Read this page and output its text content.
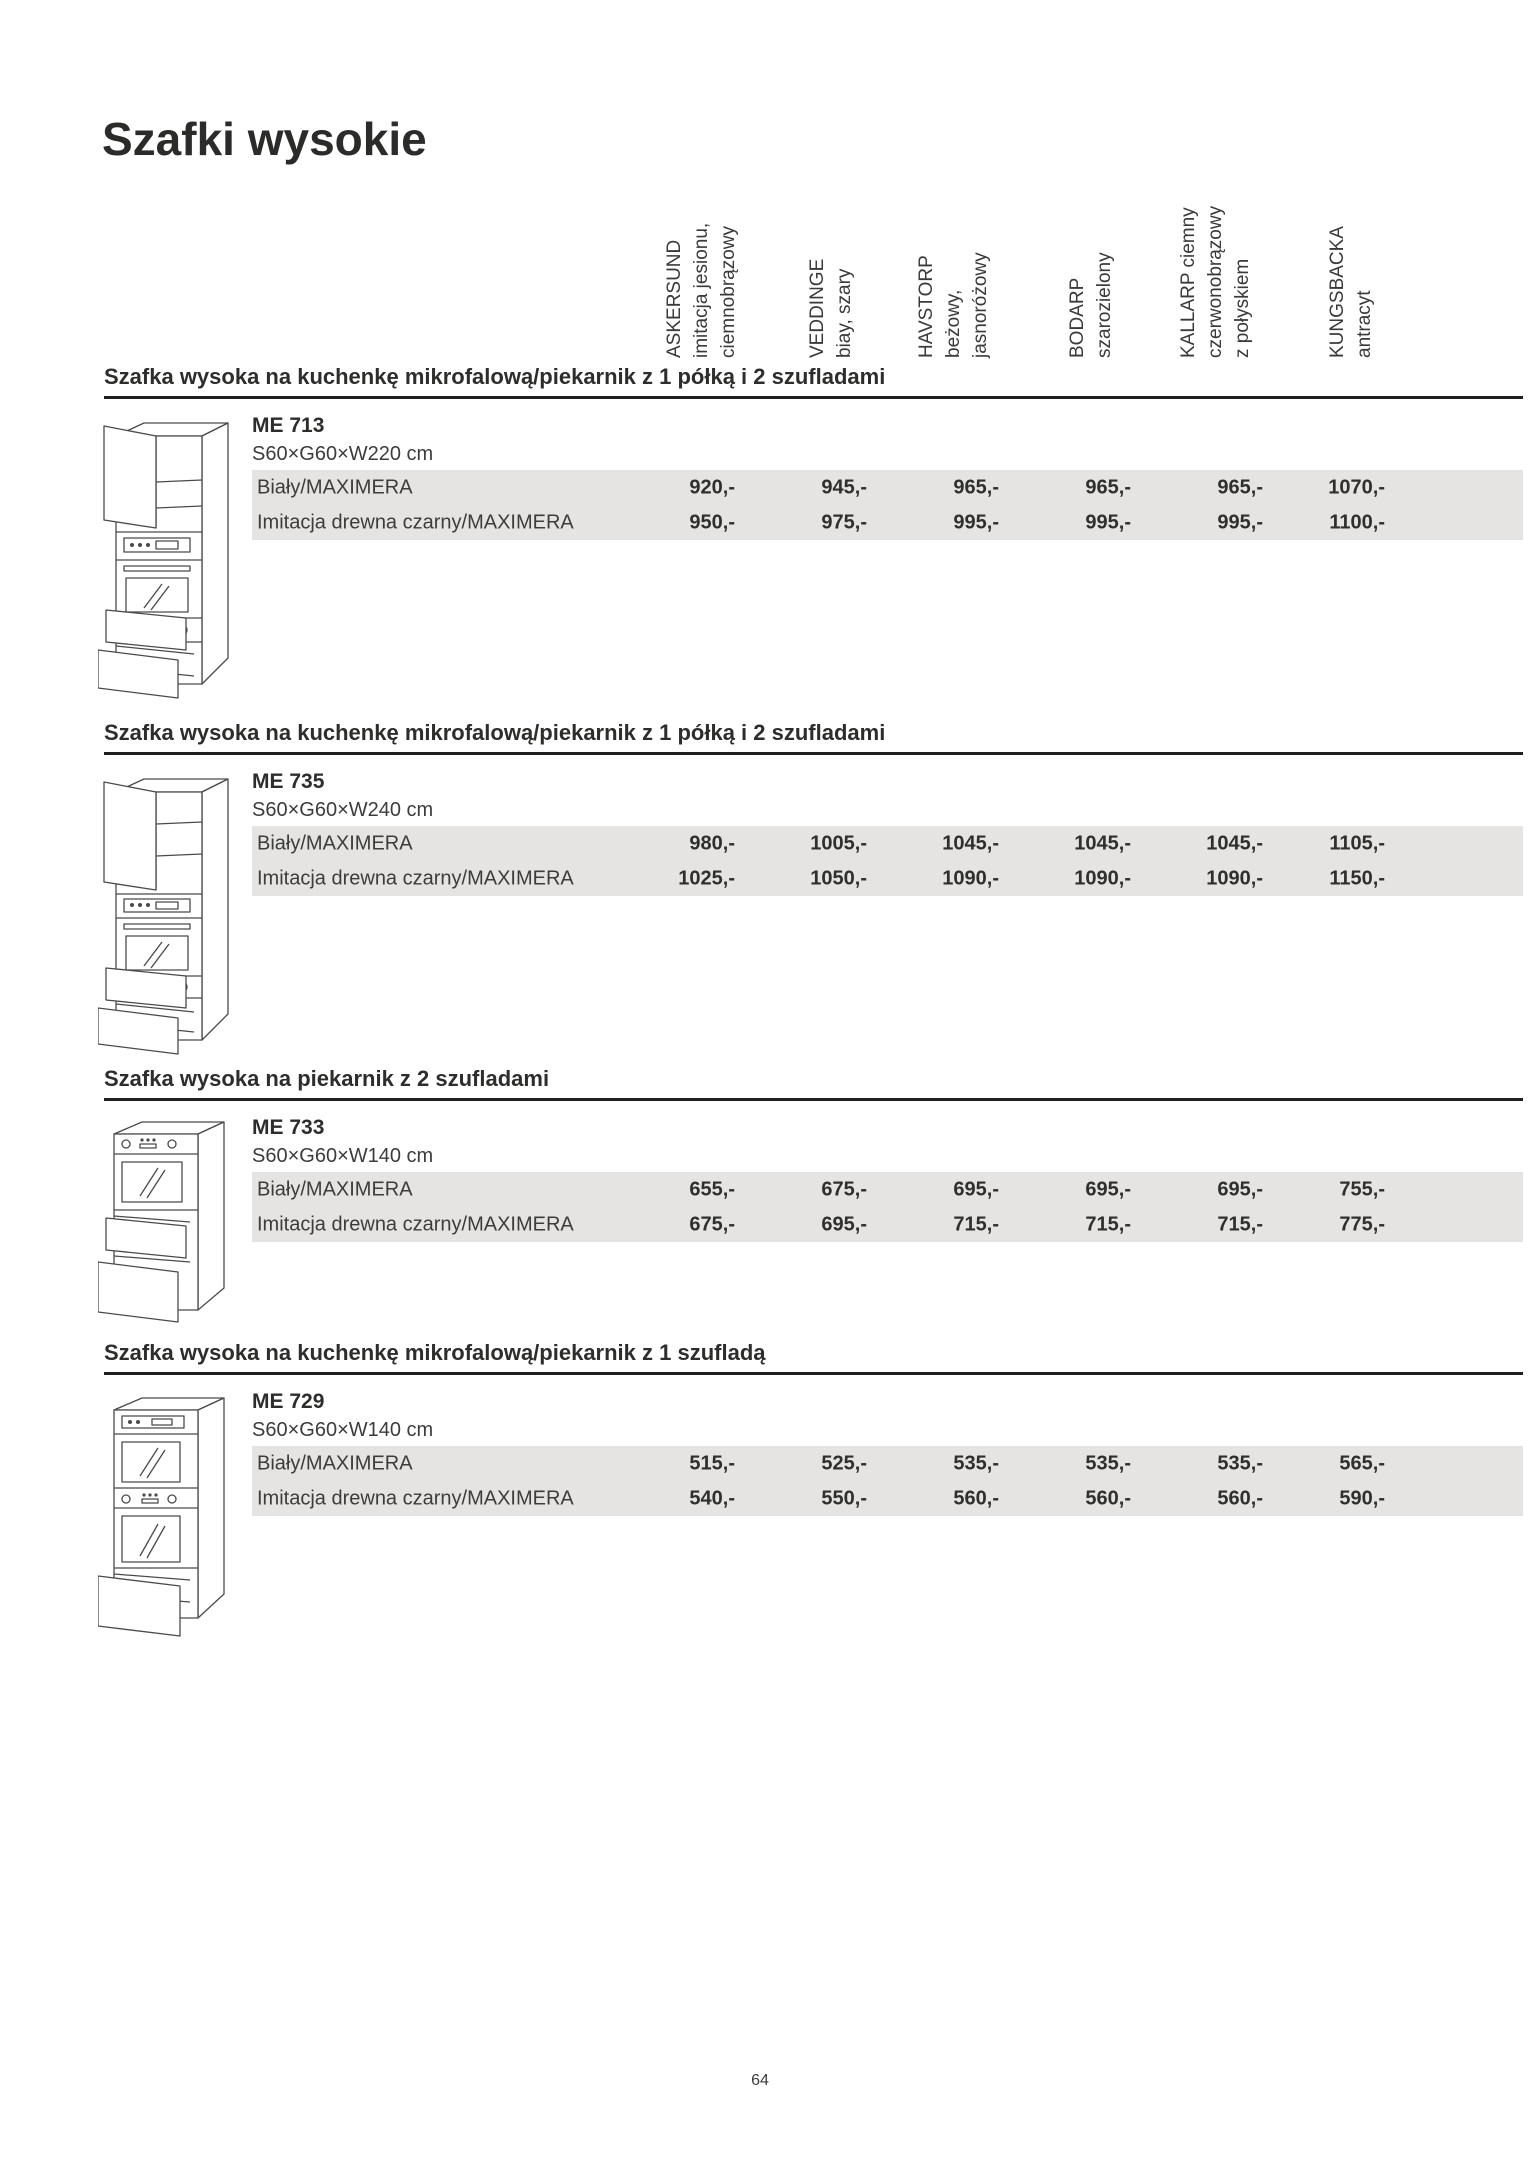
Szafki wysokie
ASKERSUND imitacja jesionu, ciemnobrązowy	VEDDINGE biay, szary	HAVSTORP beżowy, jasnoróżowy	BODARP szarozielony	KALLARP ciemny czerwonobrązowy z połyskiem	KUNGSBACKA antracyt
Szafka wysoka na kuchenkę mikrofalową/piekarnik z 1 półką i 2 szufladami
ME 713
S60×G60×W220 cm
Biały/MAXIMERA	920,-	945,-	965,-	965,-	965,-	1070,-
Imitacja drewna czarny/MAXIMERA	950,-	975,-	995,-	995,-	995,-	1100,-
Szafka wysoka na kuchenkę mikrofalową/piekarnik z 1 półką i 2 szufladami
ME 735
S60×G60×W240 cm
Biały/MAXIMERA	980,-	1005,-	1045,-	1045,-	1045,-	1105,-
Imitacja drewna czarny/MAXIMERA	1025,-	1050,-	1090,-	1090,-	1090,-	1150,-
Szafka wysoka na piekarnik z 2 szufladami
ME 733
S60×G60×W140 cm
Biały/MAXIMERA	655,-	675,-	695,-	695,-	695,-	755,-
Imitacja drewna czarny/MAXIMERA	675,-	695,-	715,-	715,-	715,-	775,-
Szafka wysoka na kuchenkę mikrofalową/piekarnik z 1 szufladą
ME 729
S60×G60×W140 cm
Biały/MAXIMERA	515,-	525,-	535,-	535,-	535,-	565,-
Imitacja drewna czarny/MAXIMERA	540,-	550,-	560,-	560,-	560,-	590,-
64
